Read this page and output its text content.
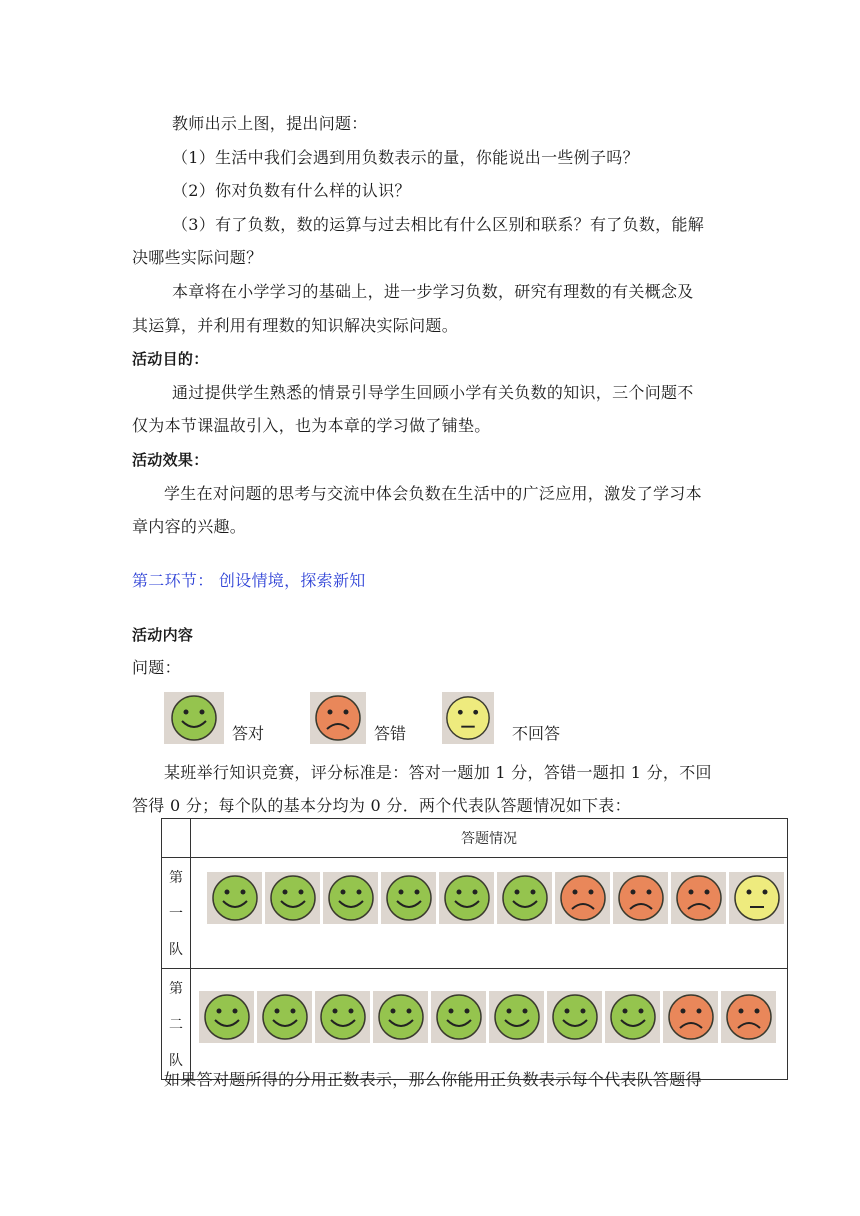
教师出示上图，提出问题：
（1）生活中我们会遇到用负数表示的量，你能说出一些例子吗？
（2）你对负数有什么样的认识？
（3）有了负数，数的运算与过去相比有什么区别和联系？有了负数，能解
决哪些实际问题？
本章将在小学学习的基础上，进一步学习负数，研究有理数的有关概念及
其运算，并利用有理数的知识解决实际问题。
活动目的：
通过提供学生熟悉的情景引导学生回顾小学有关负数的知识，三个问题不
仅为本节课温故引入，也为本章的学习做了铺垫。
活动效果：
学生在对问题的思考与交流中体会负数在生活中的广泛应用，激发了学习本
章内容的兴趣。
第二环节： 创设情境，探索新知
活动内容
问题：
答对	答错	不回答
某班举行知识竞赛，评分标准是：答对一题加 1 分，答错一题扣 1 分，不回
答得 0 分；每个队的基本分均为 0 分．两个代表队答题情况如下表：
	答题情况

第
一
队

第
二
队

如果答对题所得的分用正数表示，那么你能用正负数表示每个代表队答题得
